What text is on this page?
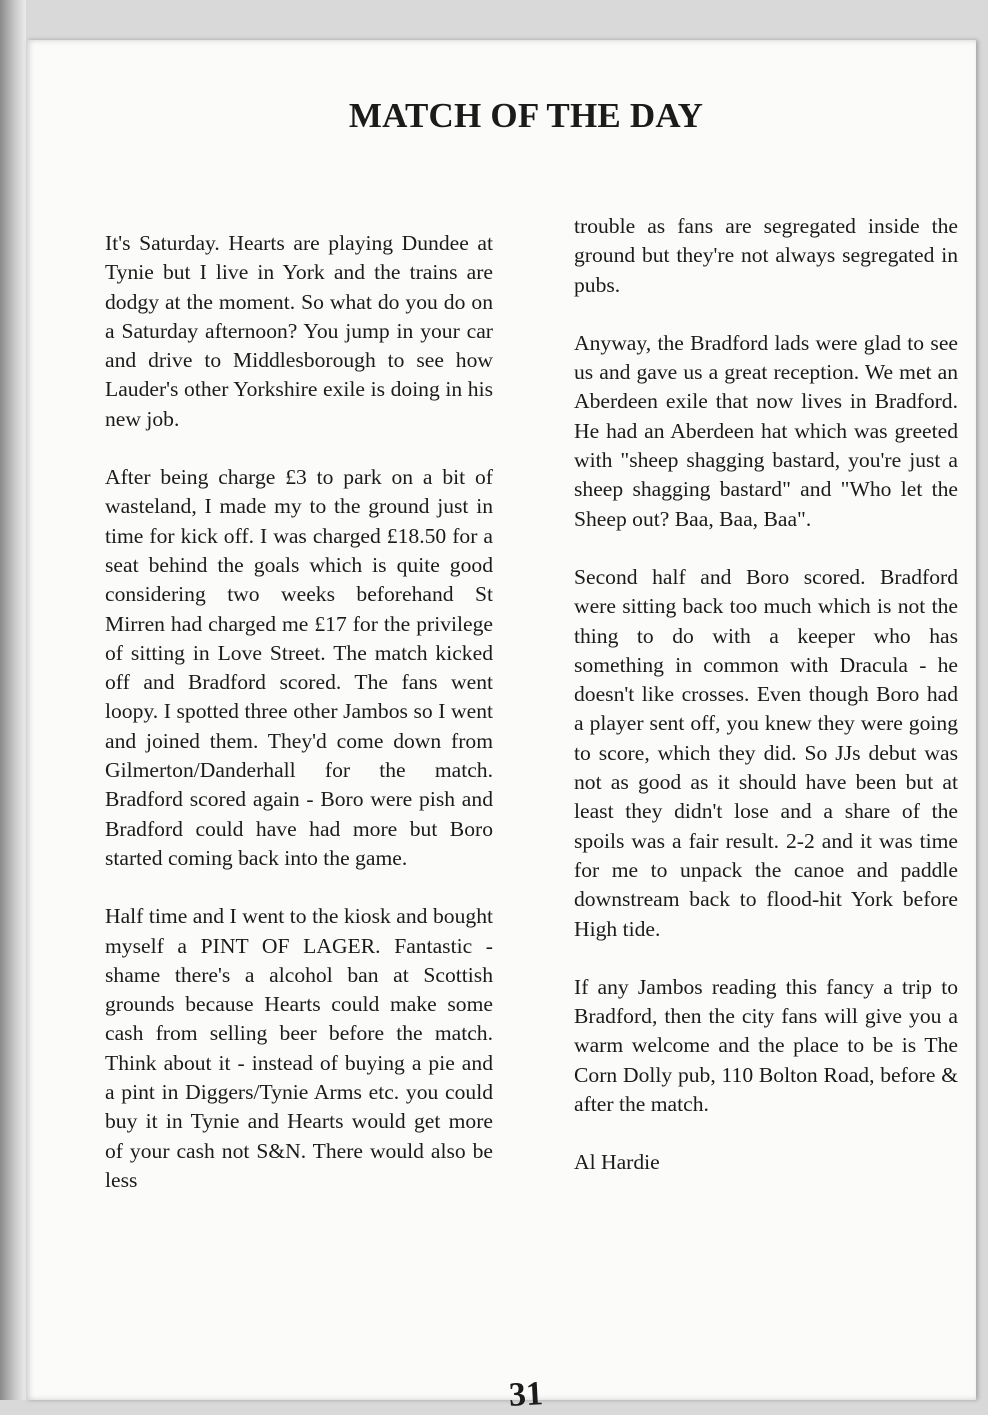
MATCH OF THE DAY

It's Saturday. Hearts are playing Dundee at Tynie but I live in York and the trains are dodgy at the moment. So what do you do on a Saturday afternoon? You jump in your car and drive to Middlesborough to see how Lauder's other Yorkshire exile is doing in his new job.

After being charge £3 to park on a bit of wasteland, I made my to the ground just in time for kick off. I was charged £18.50 for a seat behind the goals which is quite good considering two weeks beforehand St Mirren had charged me £17 for the privilege of sitting in Love Street. The match kicked off and Bradford scored. The fans went loopy. I spotted three other Jambos so I went and joined them. They'd come down from Gilmerton/Danderhall for the match. Bradford scored again - Boro were pish and Bradford could have had more but Boro started coming back into the game.

Half time and I went to the kiosk and bought myself a PINT OF LAGER. Fantastic - shame there's a alcohol ban at Scottish grounds because Hearts could make some cash from selling beer before the match. Think about it - instead of buying a pie and a pint in Diggers/Tynie Arms etc. you could buy it in Tynie and Hearts would get more of your cash not S&N. There would also be less

trouble as fans are segregated inside the ground but they're not always segregated in pubs.

Anyway, the Bradford lads were glad to see us and gave us a great reception. We met an Aberdeen exile that now lives in Bradford. He had an Aberdeen hat which was greeted with "sheep shagging bastard, you're just a sheep shagging bastard" and "Who let the Sheep out? Baa, Baa, Baa".

Second half and Boro scored. Bradford were sitting back too much which is not the thing to do with a keeper who has something in common with Dracula - he doesn't like crosses. Even though Boro had a player sent off, you knew they were going to score, which they did. So JJs debut was not as good as it should have been but at least they didn't lose and a share of the spoils was a fair result. 2-2 and it was time for me to unpack the canoe and paddle downstream back to flood-hit York before High tide.

If any Jambos reading this fancy a trip to Bradford, then the city fans will give you a warm welcome and the place to be is The Corn Dolly pub, 110 Bolton Road, before & after the match.

Al Hardie

31
